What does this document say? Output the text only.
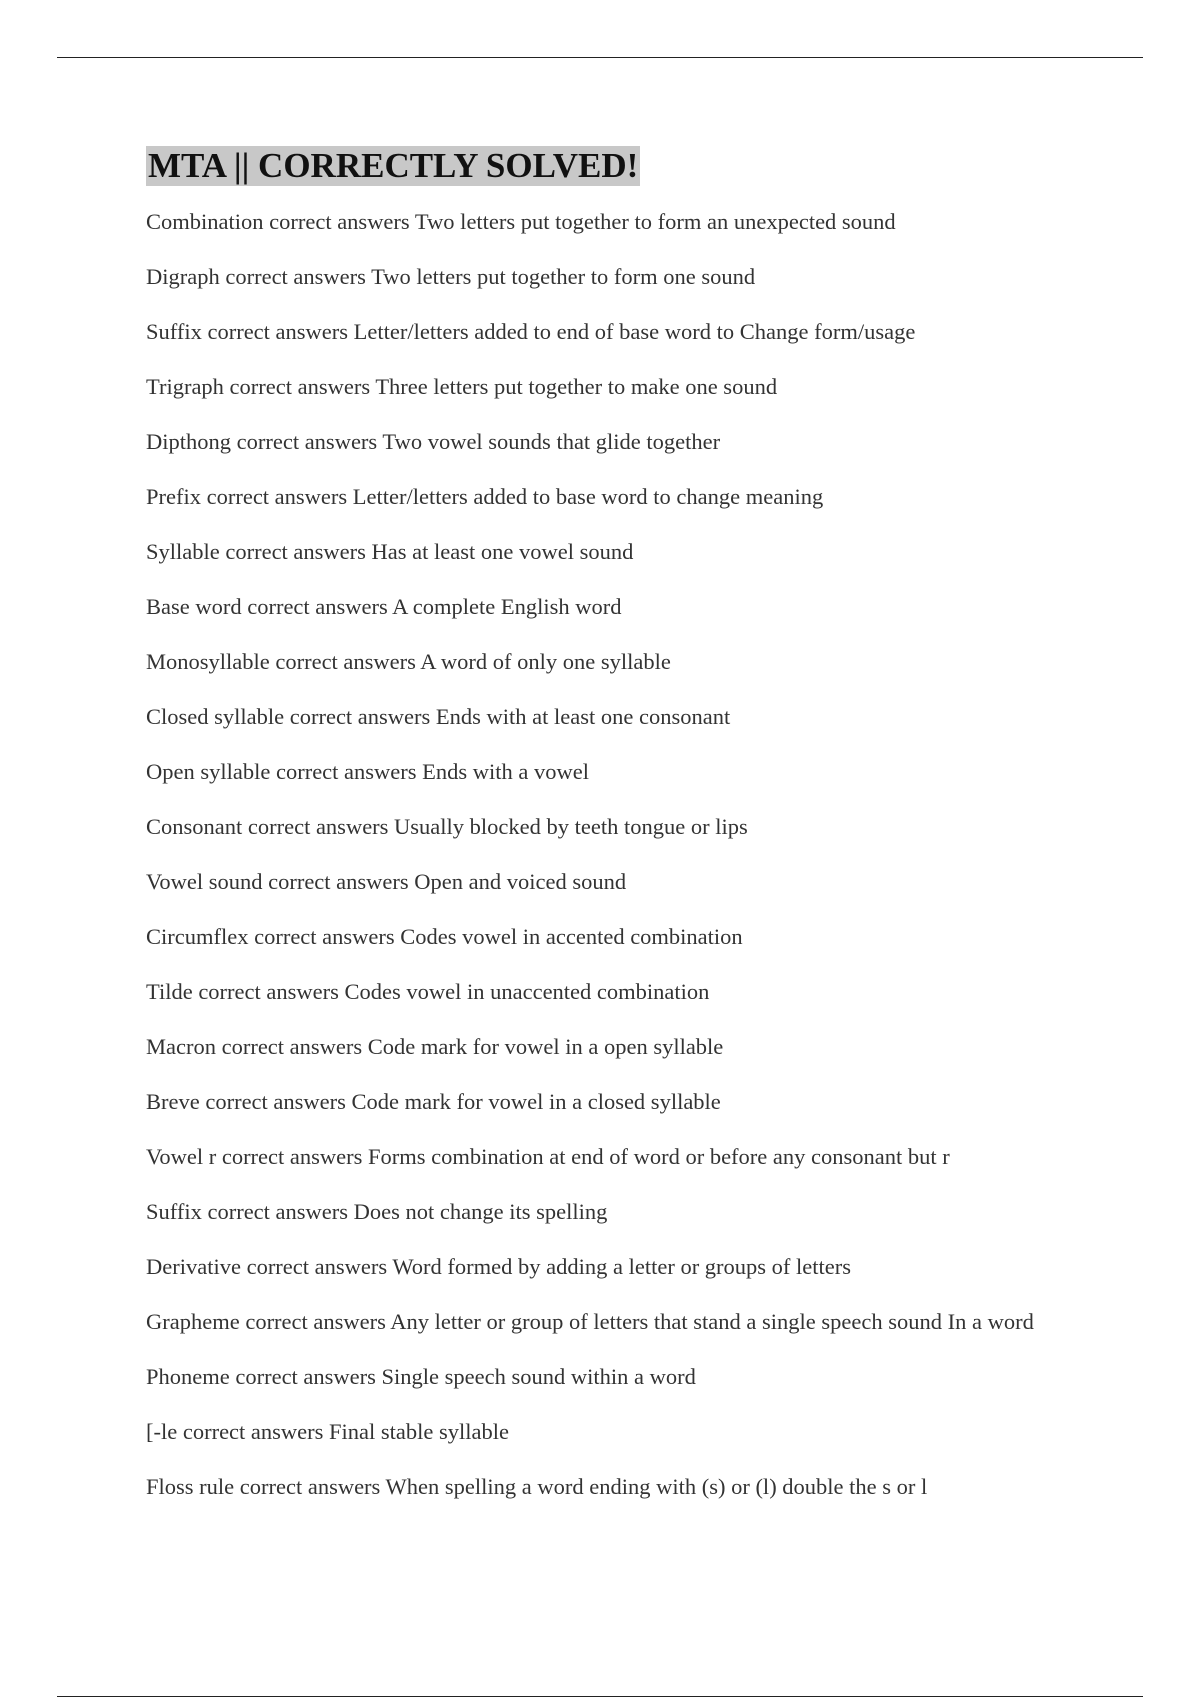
MTA || CORRECTLY SOLVED!
Combination correct answers Two letters put together to form an unexpected sound
Digraph correct answers Two letters put together to form one sound
Suffix correct answers Letter/letters added to end of base word to Change form/usage
Trigraph correct answers Three letters put together to make one sound
Dipthong correct answers Two vowel sounds that glide together
Prefix correct answers Letter/letters added to base word to change meaning
Syllable correct answers Has at least one vowel sound
Base word correct answers A complete English word
Monosyllable correct answers A word of only one syllable
Closed syllable correct answers Ends with at least one consonant
Open syllable correct answers Ends with a vowel
Consonant correct answers Usually blocked by teeth tongue or lips
Vowel sound correct answers Open and voiced sound
Circumflex correct answers Codes vowel in accented combination
Tilde correct answers Codes vowel in unaccented combination
Macron correct answers Code mark for vowel in a open syllable
Breve correct answers Code mark for vowel in a closed syllable
Vowel r correct answers Forms combination at end of word or before any consonant but r
Suffix correct answers Does not change its spelling
Derivative correct answers Word formed by adding a letter or groups of letters
Grapheme correct answers Any letter or group of letters that stand a single speech sound In a word
Phoneme correct answers Single speech sound within a word
[-le correct answers Final stable syllable
Floss rule correct answers When spelling a word ending with (s) or (l) double the s or l
